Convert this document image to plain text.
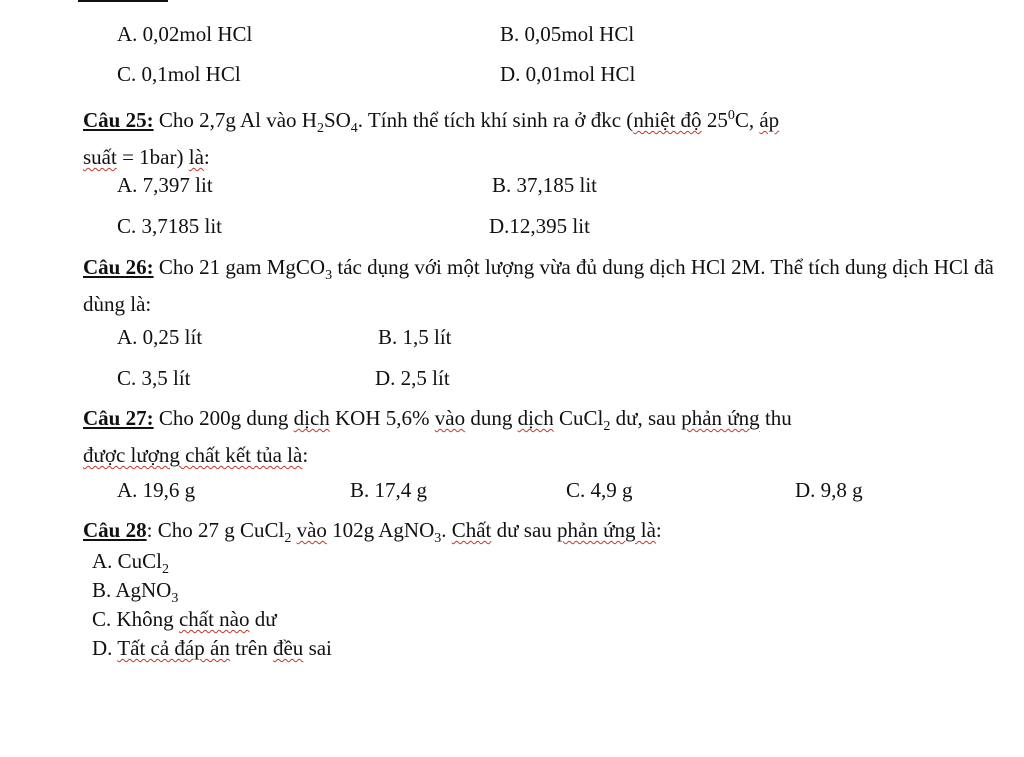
A. 0,02mol HCl	B. 0,05mol HCl
C. 0,1mol HCl	D. 0,01mol HCl
Câu 25: Cho 2,7g Al vào $H_2SO_4$. Tính thể tích khí sinh ra ở đkc (nhiệt độ $25^0C$, áp
suất = 1bar) là:
A. 7,397 lit	B. 37,185 lit
C. 3,7185 lit	D.12,395 lit
Câu 26: Cho 21 gam MgCO$_3$ tác dụng với một lượng vừa đủ dung dịch HCl 2M. Thể tích dung dịch HCl đã dùng là:
A. 0,25 lít	B. 1,5 lít
C. 3,5 lít	D. 2,5 lít
Câu 27: Cho 200g dung dịch KOH 5,6% vào dung dịch CuCl$_2$ dư, sau phản ứng thu
được lượng chất kết tủa là:
A. 19,6 g	B. 17,4 g	C. 4,9 g	D. 9,8 g
Câu 28: Cho 27 g CuCl$_2$ vào 102g AgNO$_3$. Chất dư sau phản ứng là:
A. CuCl$_2$
B. AgNO$_3$
C. Không chất nào dư
D. Tất cả đáp án trên đều sai
